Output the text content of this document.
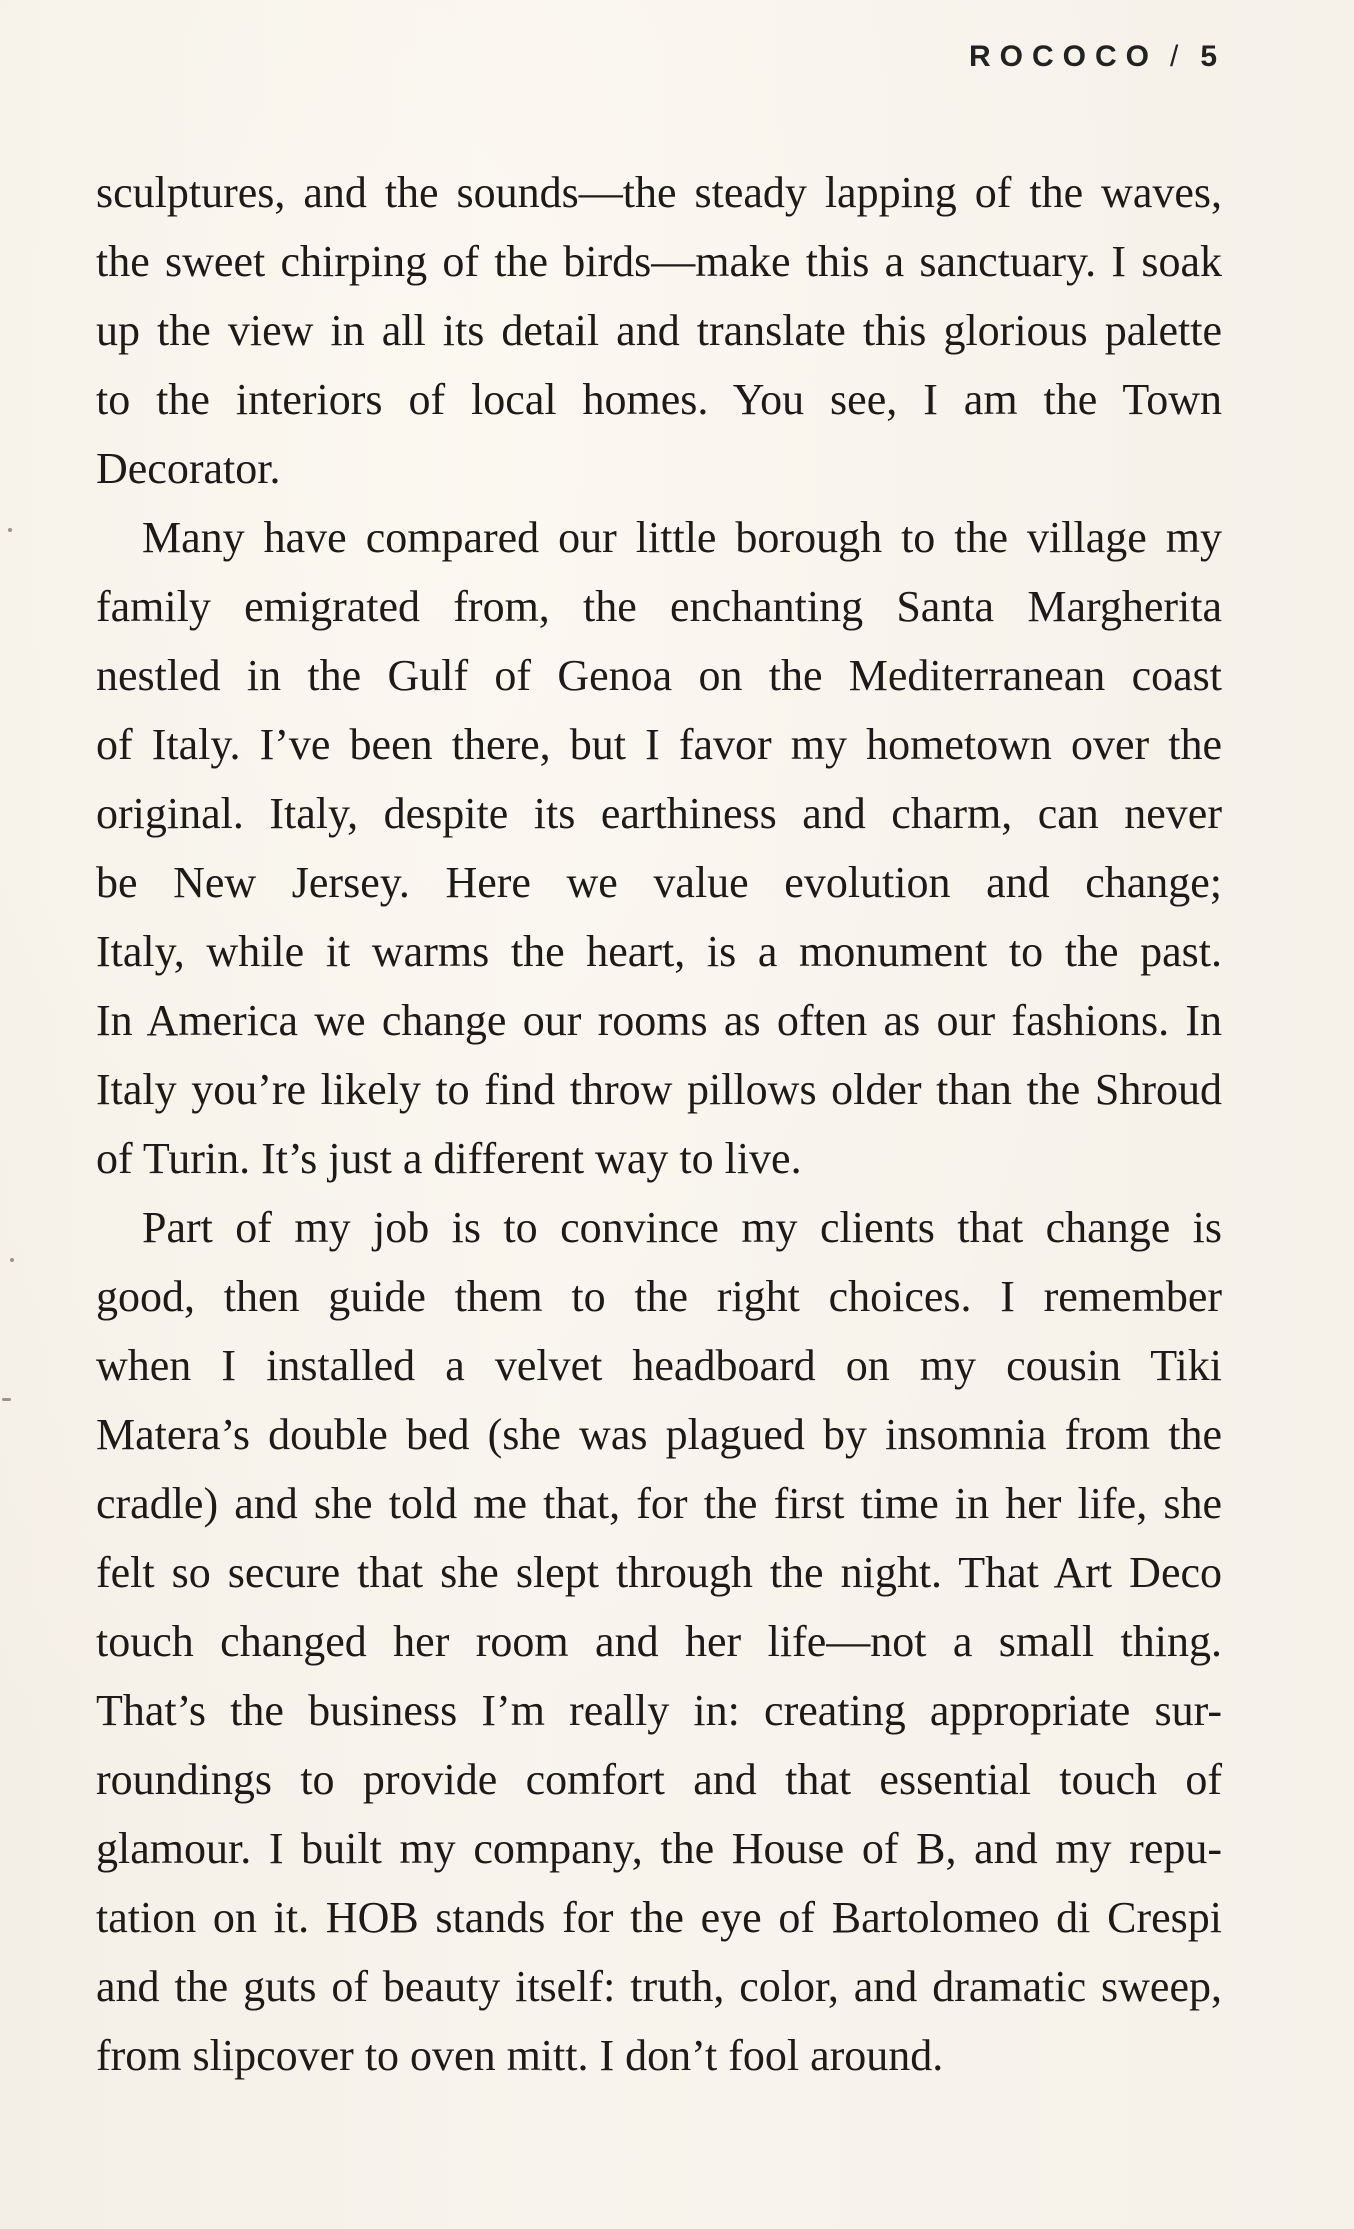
ROCOCO / 5
sculptures, and the sounds—the steady lapping of the waves,
the sweet chirping of the birds—make this a sanctuary. I soak
up the view in all its detail and translate this glorious palette
to the interiors of local homes. You see, I am the Town
Decorator.
Many have compared our little borough to the village my
family emigrated from, the enchanting Santa Margherita
nestled in the Gulf of Genoa on the Mediterranean coast
of Italy. I’ve been there, but I favor my hometown over the
original. Italy, despite its earthiness and charm, can never
be New Jersey. Here we value evolution and change;
Italy, while it warms the heart, is a monument to the past.
In America we change our rooms as often as our fashions. In
Italy you’re likely to find throw pillows older than the Shroud
of Turin. It’s just a different way to live.
Part of my job is to convince my clients that change is
good, then guide them to the right choices. I remember
when I installed a velvet headboard on my cousin Tiki
Matera’s double bed (she was plagued by insomnia from the
cradle) and she told me that, for the first time in her life, she
felt so secure that she slept through the night. That Art Deco
touch changed her room and her life—not a small thing.
That’s the business I’m really in: creating appropriate sur-
roundings to provide comfort and that essential touch of
glamour. I built my company, the House of B, and my repu-
tation on it. HOB stands for the eye of Bartolomeo di Crespi
and the guts of beauty itself: truth, color, and dramatic sweep,
from slipcover to oven mitt. I don’t fool around.
